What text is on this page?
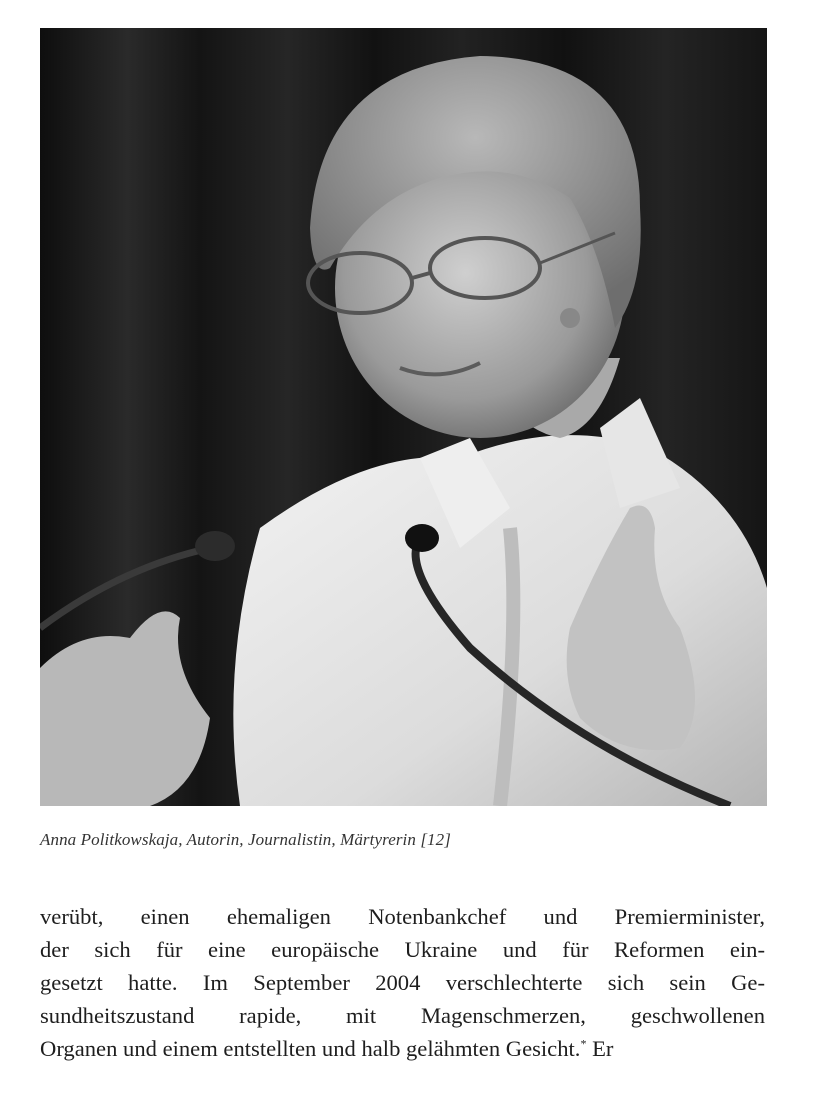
Anna Politkowskaja, Autorin, Journalistin, Märtyrerin [12]
verübt, einen ehemaligen Notenbankchef und Premierminister,
der sich für eine europäische Ukraine und für Reformen ein-
gesetzt hatte. Im September 2004 verschlechterte sich sein Ge-
sundheitszustand rapide, mit Magenschmerzen, geschwollenen
Organen und einem entstellten und halb gelähmten Gesicht.* Er
